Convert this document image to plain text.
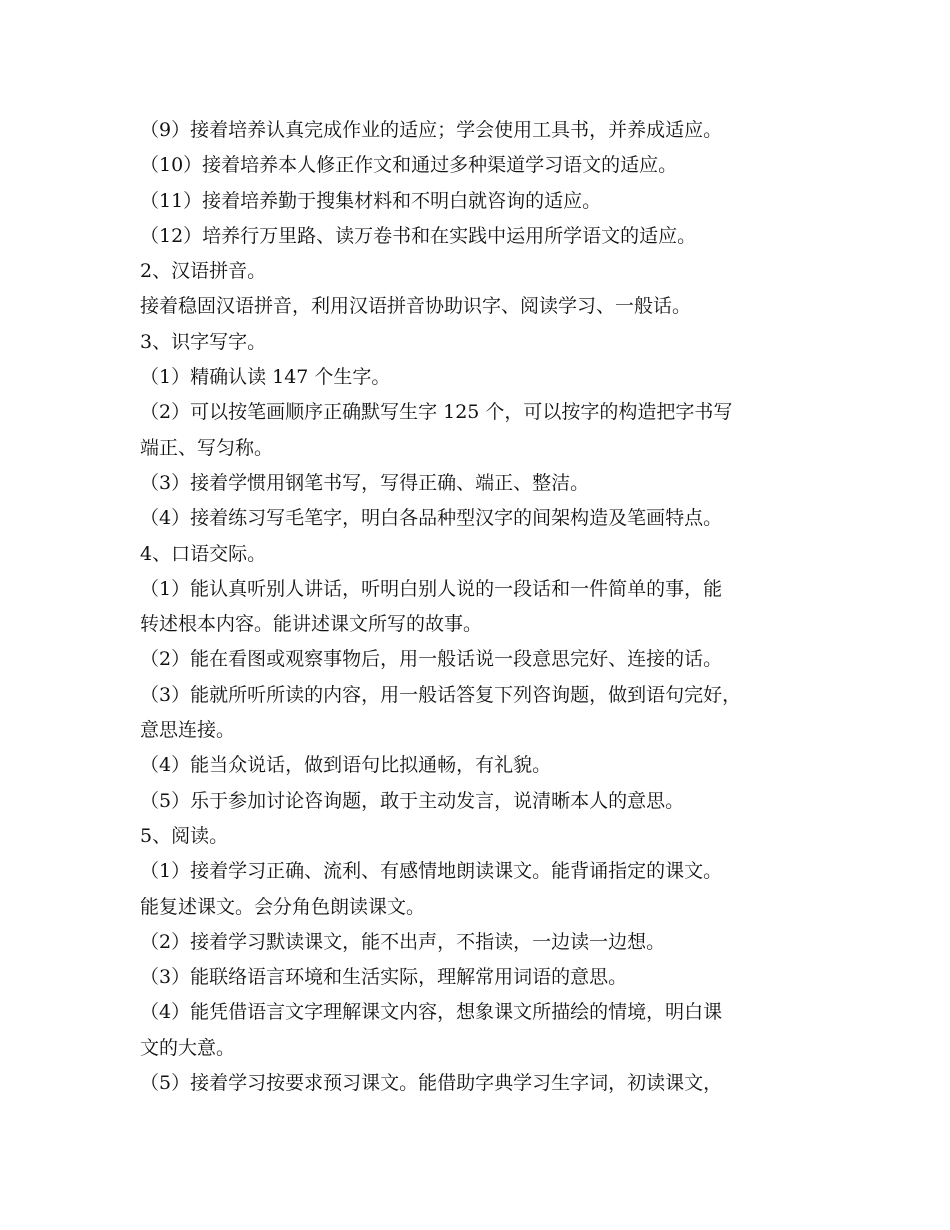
（9）接着培养认真完成作业的适应；学会使用工具书，并养成适应。
（10）接着培养本人修正作文和通过多种渠道学习语文的适应。
（11）接着培养勤于搜集材料和不明白就咨询的适应。
（12）培养行万里路、读万卷书和在实践中运用所学语文的适应。
2、汉语拼音。
接着稳固汉语拼音，利用汉语拼音协助识字、阅读学习、一般话。
3、识字写字。
（1）精确认读 147 个生字。
（2）可以按笔画顺序正确默写生字 125 个，可以按字的构造把字书写
端正、写匀称。
（3）接着学惯用钢笔书写，写得正确、端正、整洁。
（4）接着练习写毛笔字，明白各品种型汉字的间架构造及笔画特点。
4、口语交际。
（1）能认真听别人讲话，听明白别人说的一段话和一件简单的事，能
转述根本内容。能讲述课文所写的故事。
（2）能在看图或观察事物后，用一般话说一段意思完好、连接的话。
（3）能就所听所读的内容，用一般话答复下列咨询题，做到语句完好，
意思连接。
（4）能当众说话，做到语句比拟通畅，有礼貌。
（5）乐于参加讨论咨询题，敢于主动发言，说清晰本人的意思。
5、阅读。
（1）接着学习正确、流利、有感情地朗读课文。能背诵指定的课文。
能复述课文。会分角色朗读课文。
（2）接着学习默读课文，能不出声，不指读，一边读一边想。
（3）能联络语言环境和生活实际，理解常用词语的意思。
（4）能凭借语言文字理解课文内容，想象课文所描绘的情境，明白课
文的大意。
（5）接着学习按要求预习课文。能借助字典学习生字词，初读课文，
